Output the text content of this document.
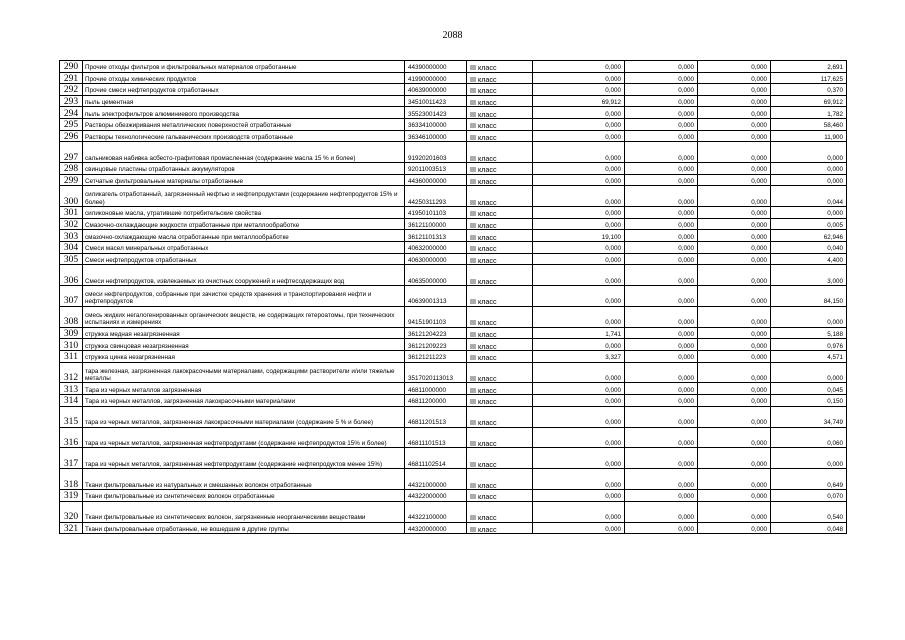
2088
290	Прочие отходы фильтров и фильтровальных материалов отработанные	44390000000	III класс	0,000	0,000	0,000	2,691
291	Прочие отходы химических продуктов	41990000000	III класс	0,000	0,000	0,000	117,625
292	Прочие смеси нефтепродуктов отработанных	40639000000	III класс	0,000	0,000	0,000	0,370
293	пыль цементная	34510011423	III класс	69,912	0,000	0,000	69,912
294	пыль электрофильтров алюминиевого производства	35523001423	III класс	0,000	0,000	0,000	1,782
295	Растворы обезжиривания металлических поверхностей отработанные	36334100000	III класс	0,000	0,000	0,000	58,460
296	Растворы технологические гальванических производств отработанные	36346100000	III класс	0,000	0,000	0,000	11,900
297	сальниковая набивка асбесто-графитовая промасленная (содержание масла 15 % и более)	91920201603	III класс	0,000	0,000	0,000	0,000
298	свинцовые пластины отработанных аккумуляторов	92011003513	III класс	0,000	0,000	0,000	0,000
299	Сетчатые фильтровальные материалы отработанные	44360000000	III класс	0,000	0,000	0,000	0,000
300	силикагель отработанный, загрязненный нефтью и нефтепродуктами (содержание нефтепродуктов 15% и более)	44250311293	III класс	0,000	0,000	0,000	0,044
301	силиконовые масла, утратившие потребительские свойства	41950101103	III класс	0,000	0,000	0,000	0,000
302	Смазочно-охлаждающие жидкости отработанные при металлообработке	36121100000	III класс	0,000	0,000	0,000	0,005
303	смазочно-охлаждающие масла отработанные при металлообработке	36121101313	III класс	19,100	0,000	0,000	62,946
304	Смеси масел минеральных отработанных	40632000000	III класс	0,000	0,000	0,000	0,040
305	Смеси нефтепродуктов отработанных	40630000000	III класс	0,000	0,000	0,000	4,400
306	Смеси нефтепродуктов, извлекаемых из очистных сооружений и нефтесодержащих вод	40635000000	III класс	0,000	0,000	0,000	3,000
307	смеси нефтепродуктов, собранные при зачистке средств хранения и транспортирования нефти и нефтепродуктов	40639001313	III класс	0,000	0,000	0,000	84,150
308	смесь жидких негалогенированных органических веществ, не содержащих гетероатомы, при технических испытаниях и измерениях	94151901103	III класс	0,000	0,000	0,000	0,000
309	стружка медная незагрязненная	36121204223	III класс	1,741	0,000	0,000	5,188
310	стружка свинцовая незагрязненная	36121209223	III класс	0,000	0,000	0,000	0,976
311	стружка цинка незагрязненная	36121211223	III класс	3,327	0,000	0,000	4,571
312	тара железная, загрязненная лакокрасочными материалами, содержащими растворители и/или тяжелые металлы	3517020113013	III класс	0,000	0,000	0,000	0,000
313	Тара из черных металлов загрязненная	46811000000	III класс	0,000	0,000	0,000	0,045
314	Тара из черных металлов, загрязненная лакокрасочными материалами	46811200000	III класс	0,000	0,000	0,000	0,150
315	тара из черных металлов, загрязненная лакокрасочными материалами (содержание 5 % и более)	46811201513	III класс	0,000	0,000	0,000	34,749
316	тара из черных металлов, загрязненная нефтепродуктами (содержание нефтепродуктов 15% и более)	46811101513	III класс	0,000	0,000	0,000	0,060
317	тара из черных металлов, загрязненная нефтепродуктами (содержание нефтепродуктов менее 15%)	46811102514	III класс	0,000	0,000	0,000	0,000
318	Ткани фильтровальные из натуральных и смешанных волокон отработанные	44321000000	III класс	0,000	0,000	0,000	0,649
319	Ткани фильтровальные из синтетических волокон отработанные	44322000000	III класс	0,000	0,000	0,000	0,070
320	Ткани фильтровальные из синтетических волокон, загрязненные неорганическими веществами	44322100000	III класс	0,000	0,000	0,000	0,540
321	Ткани фильтровальные отработанные, не вошедшие в другие группы	44320000000	III класс	0,000	0,000	0,000	0,048
